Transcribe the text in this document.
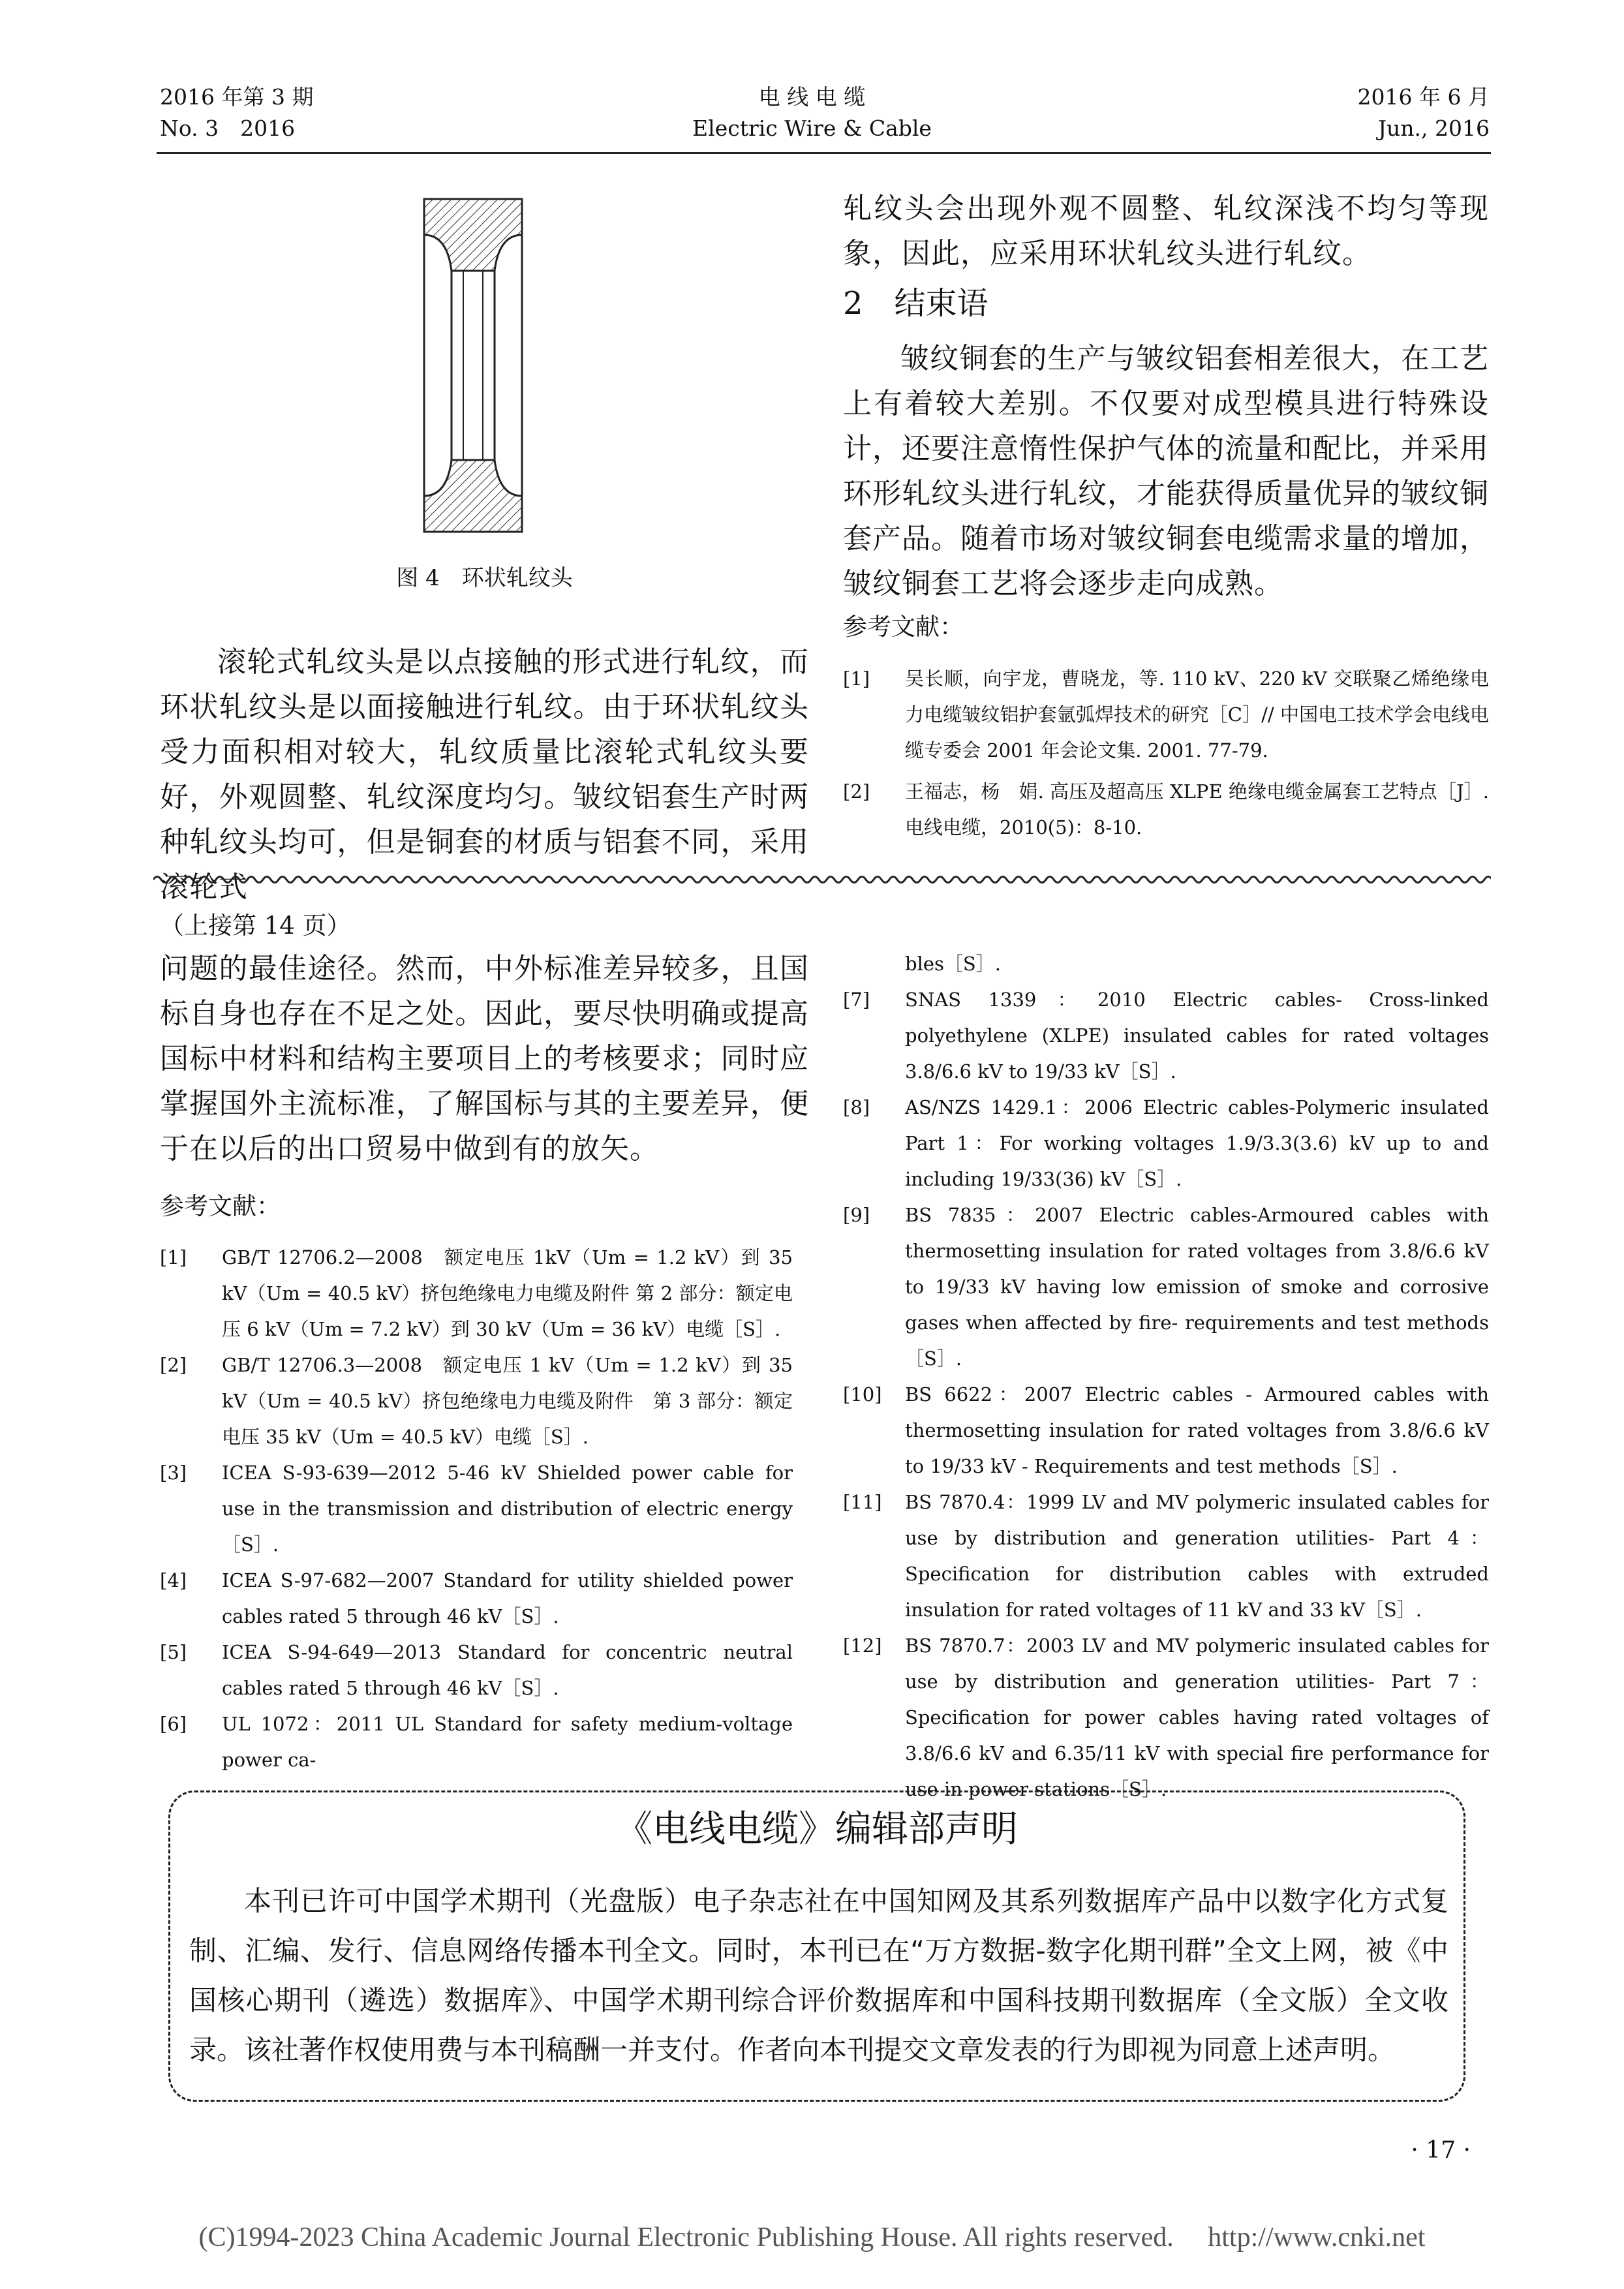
2016 年第 3 期
No. 3　2016
电 线 电 缆
Electric Wire & Cable
2016 年 6 月
Jun., 2016
图 4　环状轧纹头

滚轮式轧纹头是以点接触的形式进行轧纹，而环状轧纹头是以面接触进行轧纹。由于环状轧纹头受力面积相对较大，轧纹质量比滚轮式轧纹头要好，外观圆整、轧纹深度均匀。皱纹铝套生产时两种轧纹头均可，但是铜套的材质与铝套不同，采用滚轮式

轧纹头会出现外观不圆整、轧纹深浅不均匀等现象，因此，应采用环状轧纹头进行轧纹。

2　结束语

皱纹铜套的生产与皱纹铝套相差很大，在工艺上有着较大差别。不仅要对成型模具进行特殊设计，还要注意惰性保护气体的流量和配比，并采用环形轧纹头进行轧纹，才能获得质量优异的皱纹铜套产品。随着市场对皱纹铜套电缆需求量的增加，皱纹铜套工艺将会逐步走向成熟。

参考文献：
[1]	吴长顺，向宇龙，曹晓龙，等. 110 kV、220 kV 交联聚乙烯绝缘电力电缆皱纹铝护套氩弧焊技术的研究［C］// 中国电工技术学会电线电缆专委会 2001 年会论文集. 2001. 77-79.
[2]	王福志，杨　娟. 高压及超高压 XLPE 绝缘电缆金属套工艺特点［J］. 电线电缆，2010(5)：8-10.
（上接第 14 页）

问题的最佳途径。然而，中外标准差异较多，且国标自身也存在不足之处。因此，要尽快明确或提高国标中材料和结构主要项目上的考核要求；同时应掌握国外主流标准，了解国标与其的主要差异，便于在以后的出口贸易中做到有的放矢。

参考文献：
[1]	GB/T 12706.2—2008　额定电压 1kV（Um = 1.2 kV）到 35 kV（Um = 40.5 kV）挤包绝缘电力电缆及附件 第 2 部分：额定电压 6 kV（Um = 7.2 kV）到 30 kV（Um = 36 kV）电缆［S］.
[2]	GB/T 12706.3—2008　额定电压 1 kV（Um = 1.2 kV）到 35 kV（Um = 40.5 kV）挤包绝缘电力电缆及附件　第 3 部分：额定电压 35 kV（Um = 40.5 kV）电缆［S］.
[3]	ICEA S-93-639—2012 5-46 kV Shielded power cable for use in the transmission and distribution of electric energy［S］.
[4]	ICEA S-97-682—2007 Standard for utility shielded power cables rated 5 through 46 kV［S］.
[5]	ICEA S-94-649—2013 Standard for concentric neutral cables rated 5 through 46 kV［S］.
[6]	UL 1072：2011 UL Standard for safety medium-voltage power ca-
bles［S］.
[7]	SNAS 1339：2010 Electric cables- Cross-linked polyethylene (XLPE) insulated cables for rated voltages 3.8/6.6 kV to 19/33 kV［S］.
[8]	AS/NZS 1429.1：2006 Electric cables-Polymeric insulated Part 1：For working voltages 1.9/3.3(3.6) kV up to and including 19/33(36) kV［S］.
[9]	BS 7835：2007 Electric cables-Armoured cables with thermosetting insulation for rated voltages from 3.8/6.6 kV to 19/33 kV having low emission of smoke and corrosive gases when affected by fire- requirements and test methods［S］.
[10]	BS 6622：2007 Electric cables - Armoured cables with thermosetting insulation for rated voltages from 3.8/6.6 kV to 19/33 kV - Requirements and test methods［S］.
[11]	BS 7870.4：1999 LV and MV polymeric insulated cables for use by distribution and generation utilities- Part 4：Specification for distribution cables with extruded insulation for rated voltages of 11 kV and 33 kV［S］.
[12]	BS 7870.7：2003 LV and MV polymeric insulated cables for use by distribution and generation utilities- Part 7：Specification for power cables having rated voltages of 3.8/6.6 kV and 6.35/11 kV with special fire performance for use in power stations［S］.
《电线电缆》编辑部声明

本刊已许可中国学术期刊（光盘版）电子杂志社在中国知网及其系列数据库产品中以数字化方式复制、汇编、发行、信息网络传播本刊全文。同时，本刊已在“万方数据-数字化期刊群”全文上网，被《中国核心期刊（遴选）数据库》、中国学术期刊综合评价数据库和中国科技期刊数据库（全文版）全文收录。该社著作权使用费与本刊稿酬一并支付。作者向本刊提交文章发表的行为即视为同意上述声明。

· 17 ·
(C)1994-2023 China Academic Journal Electronic Publishing House. All rights reserved.　 http://www.cnki.net
